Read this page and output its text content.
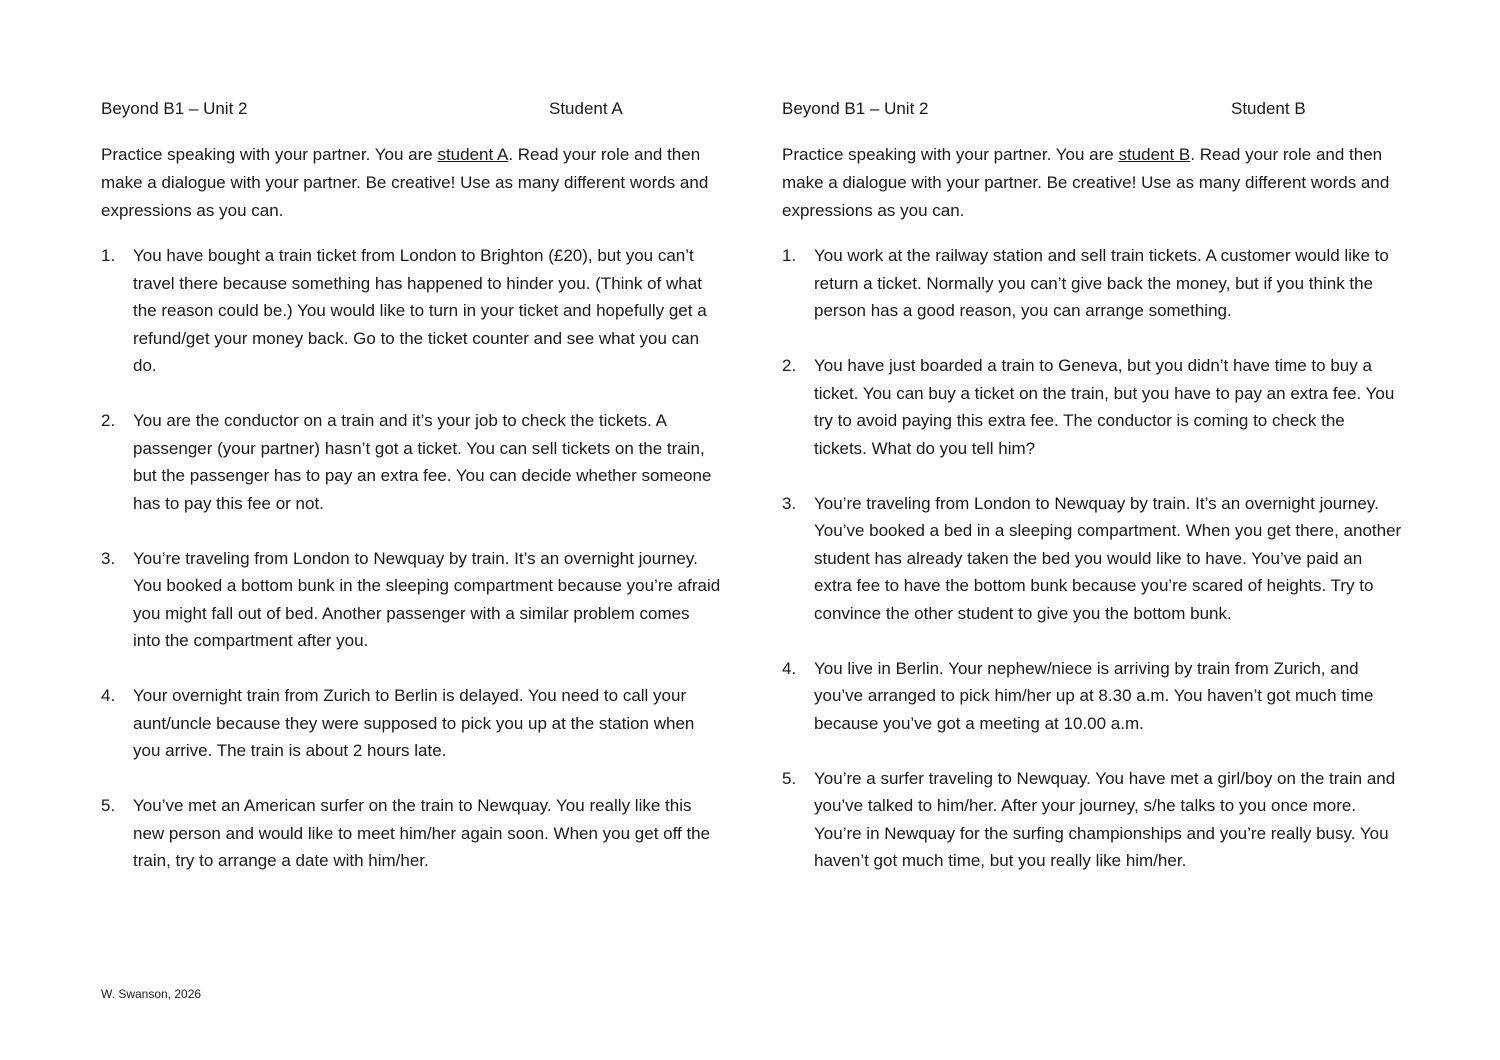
Beyond B1 – Unit 2	Student A

Practice speaking with your partner. You are student A. Read your role and then make a dialogue with your partner. Be creative! Use as many different words and expressions as you can.

1. You have bought a train ticket from London to Brighton (£20), but you can’t travel there because something has happened to hinder you. (Think of what the reason could be.) You would like to turn in your ticket and hopefully get a refund/get your money back. Go to the ticket counter and see what you can do.
2. You are the conductor on a train and it’s your job to check the tickets. A passenger (your partner) hasn’t got a ticket. You can sell tickets on the train, but the passenger has to pay an extra fee. You can decide whether someone has to pay this fee or not.
3. You’re traveling from London to Newquay by train. It’s an overnight journey. You booked a bottom bunk in the sleeping compartment because you’re afraid you might fall out of bed. Another passenger with a similar problem comes into the compartment after you.
4. Your overnight train from Zurich to Berlin is delayed. You need to call your aunt/uncle because they were supposed to pick you up at the station when you arrive. The train is about 2 hours late.
5. You’ve met an American surfer on the train to Newquay. You really like this new person and would like to meet him/her again soon. When you get off the train, try to arrange a date with him/her.
Beyond B1 – Unit 2	Student B

Practice speaking with your partner. You are student B. Read your role and then make a dialogue with your partner. Be creative! Use as many different words and expressions as you can.

1. You work at the railway station and sell train tickets. A customer would like to return a ticket. Normally you can’t give back the money, but if you think the person has a good reason, you can arrange something.
2. You have just boarded a train to Geneva, but you didn’t have time to buy a ticket. You can buy a ticket on the train, but you have to pay an extra fee. You try to avoid paying this extra fee. The conductor is coming to check the tickets. What do you tell him?
3. You’re traveling from London to Newquay by train. It’s an overnight journey. You’ve booked a bed in a sleeping compartment. When you get there, another student has already taken the bed you would like to have. You’ve paid an extra fee to have the bottom bunk because you’re scared of heights. Try to convince the other student to give you the bottom bunk.
4. You live in Berlin. Your nephew/niece is arriving by train from Zurich, and you’ve arranged to pick him/her up at 8.30 a.m. You haven’t got much time because you’ve got a meeting at 10.00 a.m.
5. You’re a surfer traveling to Newquay. You have met a girl/boy on the train and you’ve talked to him/her. After your journey, s/he talks to you once more. You’re in Newquay for the surfing championships and you’re really busy. You haven’t got much time, but you really like him/her.
W. Swanson, 2026
